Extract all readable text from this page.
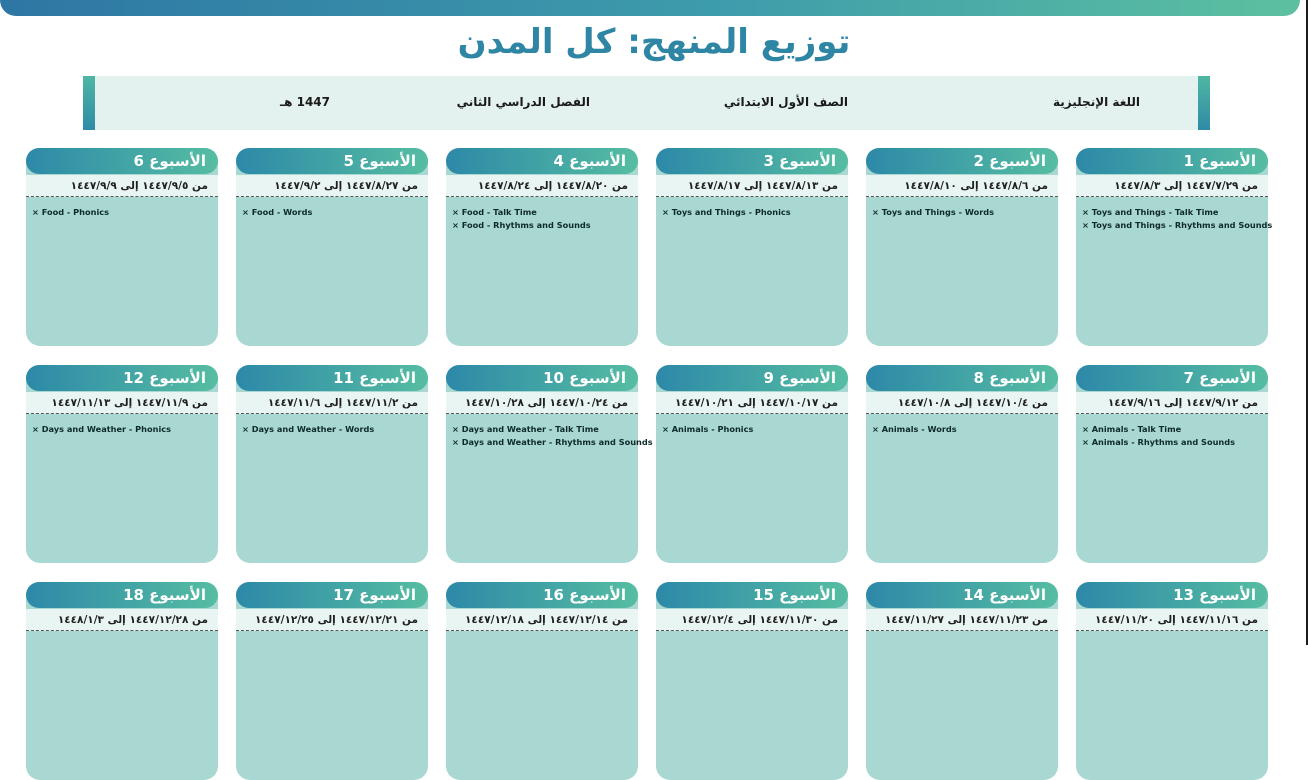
توزيع المنهج: كل المدن
اللغة الإنجليزية
الصف الأول الابتدائي
الفصل الدراسي الثاني
1447 هـ
الأسبوع 1
من ١٤٤٧/٧/٢٩ إلى ١٤٤٧/٨/٣
× Toys and Things - Talk Time
× Toys and Things - Rhythms and Sounds
الأسبوع 2
من ١٤٤٧/٨/٦ إلى ١٤٤٧/٨/١٠
× Toys and Things - Words
الأسبوع 3
من ١٤٤٧/٨/١٣ إلى ١٤٤٧/٨/١٧
× Toys and Things - Phonics
الأسبوع 4
من ١٤٤٧/٨/٢٠ إلى ١٤٤٧/٨/٢٤
× Food - Talk Time
× Food - Rhythms and Sounds
الأسبوع 5
من ١٤٤٧/٨/٢٧ إلى ١٤٤٧/٩/٢
× Food - Words
الأسبوع 6
من ١٤٤٧/٩/٥ إلى ١٤٤٧/٩/٩
× Food - Phonics
الأسبوع 7
من ١٤٤٧/٩/١٢ إلى ١٤٤٧/٩/١٦
× Animals - Talk Time
× Animals - Rhythms and Sounds
الأسبوع 8
من ١٤٤٧/١٠/٤ إلى ١٤٤٧/١٠/٨
× Animals - Words
الأسبوع 9
من ١٤٤٧/١٠/١٧ إلى ١٤٤٧/١٠/٢١
× Animals - Phonics
الأسبوع 10
من ١٤٤٧/١٠/٢٤ إلى ١٤٤٧/١٠/٢٨
× Days and Weather - Talk Time
× Days and Weather - Rhythms and Sounds
الأسبوع 11
من ١٤٤٧/١١/٢ إلى ١٤٤٧/١١/٦
× Days and Weather - Words
الأسبوع 12
من ١٤٤٧/١١/٩ إلى ١٤٤٧/١١/١٣
× Days and Weather - Phonics
الأسبوع 13
من ١٤٤٧/١١/١٦ إلى ١٤٤٧/١١/٢٠
الأسبوع 14
من ١٤٤٧/١١/٢٣ إلى ١٤٤٧/١١/٢٧
الأسبوع 15
من ١٤٤٧/١١/٣٠ إلى ١٤٤٧/١٢/٤
الأسبوع 16
من ١٤٤٧/١٢/١٤ إلى ١٤٤٧/١٢/١٨
الأسبوع 17
من ١٤٤٧/١٢/٢١ إلى ١٤٤٧/١٢/٢٥
الأسبوع 18
من ١٤٤٧/١٢/٢٨ إلى ١٤٤٨/١/٣
